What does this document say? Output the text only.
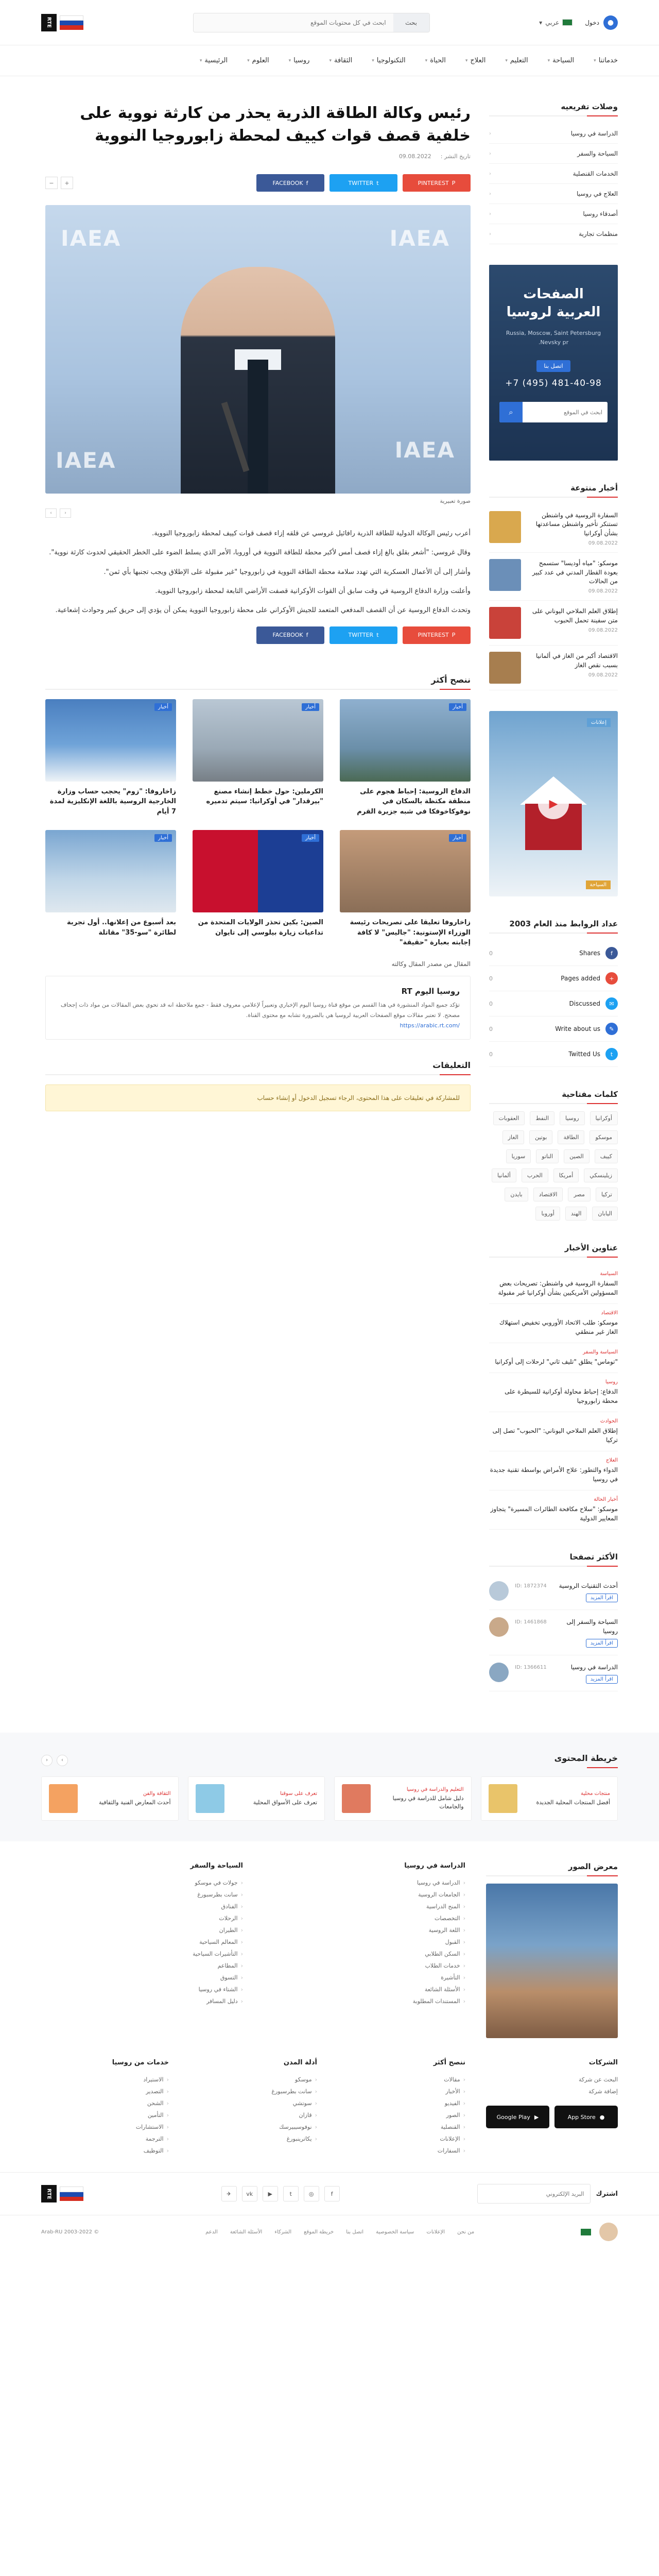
●
دخول
عربي
▾
بحث
ابحث في كل محتويات الموقع
RTE
خدماتنا
▾
السياحة
▾
التعليم
▾
العلاج
▾
الحياة
▾
التكنولوجيا
▾
الثقافة
▾
روسيا
▾
العلوم
▾
الرئيسية
▾
وصلات تفريعيه
الدراسة في روسيا
‹
السياحة والسفر
‹
الخدمات القنصلية
‹
العلاج في روسيا
‹
أصدقاء روسيا
‹
منظمات تجارية
‹
الصفحات العربية لروسيا
Russia, Moscow, Saint Petersburg Nevsky pr.
اتصل بنا
+7 (495) 481-40-98
ابحث في الموقع
⌕
أخبار منتوعة
السفارة الروسية في واشنطن تستنكر تأخير واشنطن مساعدتها بشأن أوكرانيا
09.08.2022
موسكو: "مياه أوديسا" ستسمح بعودة القطار المدني في عدد كبير من الحالات
09.08.2022
إطلاق العلم الملاحي اليوناني على متن سفينة تحمل الحبوب
09.08.2022
الاقتصاد أكبر من الغاز في ألمانيا بسبب نقص الغاز
09.08.2022
إعلانات
▶
السياحة
عداد الروابط منذ العام 2003
f
Shares
0
+
Pages added
0
✉
Discussed
0
✎
Write about us
0
t
Twitted Us
0
كلمات مفتاحية
أوكرانيا
روسيا
النفط
العقوبات
موسكو
الطاقة
بوتين
الغاز
كييف
الصين
الناتو
سوريا
زيلينسكي
أمريكا
الحرب
ألمانيا
تركيا
مصر
الاقتصاد
بايدن
اليابان
الهند
أوروبا
عناوين الأخبار
السياسة
السفارة الروسية في واشنطن: تصريحات بعض المسؤولين الأمريكيين بشأن أوكرانيا غير مقبولة
الاقتصاد
موسكو: طلب الاتحاد الأوروبي تخفيض استهلاك الغاز غير منطقي
السياسة والسفر
"توماس" يطلق "تليف ثاني" لرحلات إلى أوكرانيا
روسيا
الدفاع: إحباط محاولة أوكرانية للسيطرة على محطة زابوروجيا
الحوادث
إطلاق العلم الملاحي اليوناني: "الحبوب" تصل إلى تركيا
العلاج
الدواء والتطور: علاج الأمراض بواسطة تقنية جديدة في روسيا
أخبار الحالة
موسكو: "سلاح مكافحة الطائرات المسيرة" يتجاوز المعايير الدولية
الأكثر تصفحا
أحدث التقنيات الروسية
اقرأ المزيد
ID: 1872374
السياحة والسفر إلى روسيا
اقرأ المزيد
ID: 1461868
الدراسة في روسيا
اقرأ المزيد
ID: 1366611
رئيس وكالة الطاقة الذرية يحذر من كارثة نووية على خلفية قصف قوات كييف لمحطة زابوروجيا النووية
تاريخ النشر :
09.08.2022
P
PINTEREST
t
TWITTER
f
FACEBOOK
+
−
IAEA	IAEA
IAEA	IAEA
صورة تعبيرية
‹
›

أعرب رئيس الوكالة الدولية للطاقة الذرية رافائيل غروسي عن قلقه إزاء قصف قوات كييف لمحطة زابوروجيا النووية.

وقال غروسي: "أشعر بقلق بالغ إزاء قصف أمس لأكبر محطة للطاقة النووية في أوروبا، الأمر الذي يسلط الضوء على الخطر الحقيقي لحدوث كارثة نووية".

وأشار إلى أن الأعمال العسكرية التي تهدد سلامة محطة الطاقة النووية في زابوروجيا "غير مقبولة على الإطلاق ويجب تجنبها بأي ثمن".

وأعلنت وزارة الدفاع الروسية في وقت سابق أن القوات الأوكرانية قصفت الأراضي التابعة لمحطة زابوروجيا النووية.

وتحدث الدفاع الروسية عن أن القصف المدفعي المتعمد للجيش الأوكراني على محطة زابوروجيا النووية يمكن أن يؤدي إلى حريق كبير وحوادث إشعاعية.

P
PINTEREST
t
TWITTER
f
FACEBOOK
ننصح أكثر
أخبار
الدفاع الروسية: إحباط هجوم على منطقة مكتظة بالسكان في نوفوكاخوفكا في شبه جزيرة القرم
أخبار
الكرملين: حول خطط إنشاء مصنع "بيرقدار" في أوكرانيا: سيتم تدميره
أخبار
زاخاروفا: "زوم" يحجب حساب وزارة الخارجية الروسية باللغة الإنكليزية لمدة 7 أيام
أخبار
زاخاروفا تعليقا على تصريحات رئيسة الوزراء الإستونية: "جاليس" لا كافة إجابته بعبارة "حقيقة"
أخبار
الصين: بكين تحذر الولايات المتحدة من تداعيات زيارة بيلوسي إلى تايوان
أخبار
بعد أسبوع من إعلانها.. أول تجربة لطائرة "سو-35" مقاتلة
المقال من مصدر المقال وكالته
روسيا اليوم RT
تؤكد جميع المواد المنشورة في هذا القسم من موقع قناة روسيا اليوم الإخباري وتعبيراً لإعلامي معروف فقط - جمع ملاحظة انه قد تحوي بعض المقالات من مواد ذات إجحاف مصحح. لا تعتبر مقالات موقع الصفحات العربية لروسيا هي بالضرورة تشابه مع محتوى القناة.
https://arabic.rt.com/
التعليقات
للمشاركة في تعليقات على هذا المحتوى، الرجاء تسجيل الدخول أو إنشاء حساب
خريطة المحتوى
›
‹
منتجات محلية
أفضل المنتجات المحلية الجديدة
التعليم والدراسة في روسيا
دليل شامل للدراسة في روسيا والجامعات
تعرف على سوقنا
تعرف على الأسواق المحلية
الثقافة والفن
أحدث المعارض الفنية والثقافية
معرض الصور
الدراسة في روسيا
‹ الدراسة في روسيا
‹ الجامعات الروسية
‹ المنح الدراسية
‹ التخصصات
‹ اللغة الروسية
‹ القبول
‹ السكن الطلابي
‹ خدمات الطلاب
‹ التأشيرة
‹ الأسئلة الشائعة
‹ المستندات المطلوبة
السياحة والسفر
‹ جولات في موسكو
‹ سانت بطرسبورغ
‹ الفنادق
‹ الرحلات
‹ الطيران
‹ المعالم السياحية
‹ التأشيرات السياحية
‹ المطاعم
‹ التسوق
‹ الشتاء في روسيا
‹ دليل المسافر
الشركات
البحث عن شركة
إضافة شركة
●
App Store
▶
Google Play
ننصح أكثر
‹ مقالات
‹ الأخبار
‹ الفيديو
‹ الصور
‹ القنصلية
‹ الإعلانات
‹ السفارات
أدلة المدن
‹ موسكو
‹ سانت بطرسبورغ
‹ سوتشي
‹ قازان
‹ نوفوسيبيرسك
‹ يكاترينبورغ
خدمات من روسيا
‹ الاستيراد
‹ التصدير
‹ الشحن
‹ التأمين
‹ الاستشارات
‹ الترجمة
‹ التوظيف
اشترك
البريد الإلكتروني
f
◎
t
▶
vk
✈
RTE
من نحن
الإعلانات
سياسة الخصوصية
اتصل بنا
خريطة الموقع
الشركاء
الأسئلة الشائعة
الدعم
© 2003-2022 Arab-RU
